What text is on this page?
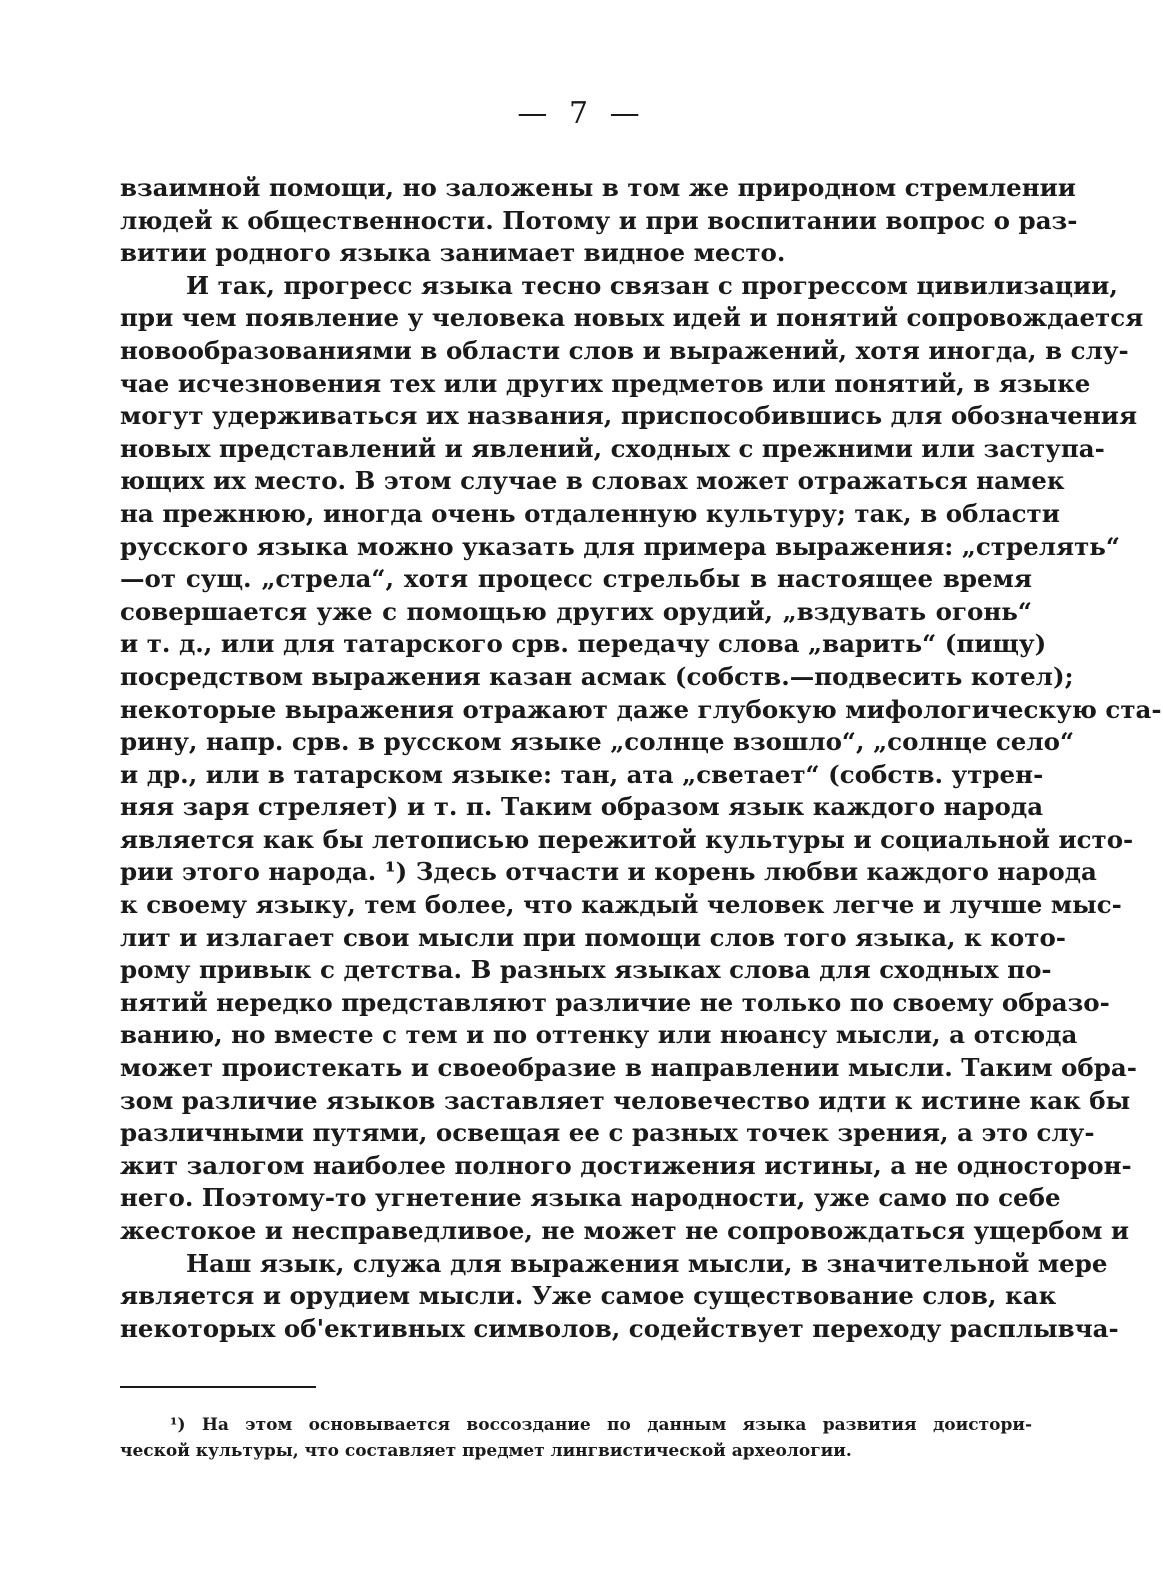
— 7 —
взаимной помощи, но заложены в том же природном стремлении
людей к общественности. Потому и при воспитании вопрос о раз-
витии родного языка занимает видное место.
И так, прогресс языка тесно связан с прогрессом цивилизации,
при чем появление у человека новых идей и понятий сопровождается
новообразованиями в области слов и выражений, хотя иногда, в слу-
чае исчезновения тех или других предметов или понятий, в языке
могут удерживаться их названия, приспособившись для обозначения
новых представлений и явлений, сходных с прежними или заступа-
ющих их место. В этом случае в словах может отражаться намек
на прежнюю, иногда очень отдаленную культуру; так, в области
русского языка можно указать для примера выражения: „стрелять“
—от сущ. „стрела“, хотя процесс стрельбы в настоящее время
совершается уже с помощью других орудий, „вздувать огонь“
и т. д., или для татарского срв. передачу слова „варить“ (пищу)
посредством выражения казан асмак (собств.—подвесить котел);
некоторые выражения отражают даже глубокую мифологическую ста-
рину, напр. срв. в русском языке „солнце взошло“, „солнце село“
и др., или в татарском языке: тан, ата „светает“ (собств. утрен-
няя заря стреляет) и т. п. Таким образом язык каждого народа
является как бы летописью пережитой культуры и социальной исто-
рии этого народа. ¹) Здесь отчасти и корень любви каждого народа
к своему языку, тем более, что каждый человек легче и лучше мыс-
лит и излагает свои мысли при помощи слов того языка, к кото-
рому привык с детства. В разных языках слова для сходных по-
нятий нередко представляют различие не только по своему образо-
ванию, но вместе с тем и по оттенку или нюансу мысли, а отсюда
может проистекать и своеобразие в направлении мысли. Таким обра-
зом различие языков заставляет человечество идти к истине как бы
различными путями, освещая ее с разных точек зрения, а это слу-
жит залогом наиболее полного достижения истины, а не односторон-
него. Поэтому-то угнетение языка народности, уже само по себе
жестокое и несправедливое, не может не сопровождаться ущербом и
Наш язык, служа для выражения мысли, в значительной мере
является и орудием мысли. Уже самое существование слов, как
некоторых об'ективных символов, содействует переходу расплывча-
¹) На этом основывается воссоздание по данным языка развития доистори-
ческой культуры, что составляет предмет лингвистической археологии.
